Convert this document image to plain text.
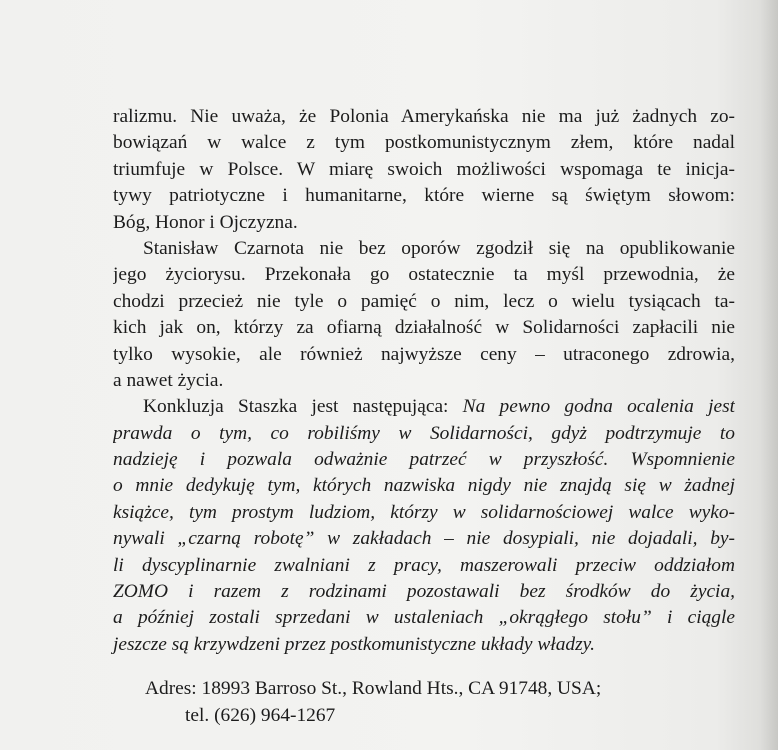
ralizmu. Nie uważa, że Polonia Amerykańska nie ma już żadnych zo-
bowiązań w walce z tym postkomunistycznym złem, które nadal
triumfuje w Polsce. W miarę swoich możliwości wspomaga te inicja-
tywy patriotyczne i humanitarne, które wierne są świętym słowom:
Bóg, Honor i Ojczyzna.
Stanisław Czarnota nie bez oporów zgodził się na opublikowanie
jego życiorysu. Przekonała go ostatecznie ta myśl przewodnia, że
chodzi przecież nie tyle o pamięć o nim, lecz o wielu tysiącach ta-
kich jak on, którzy za ofiarną działalność w Solidarności zapłacili nie
tylko wysokie, ale również najwyższe ceny – utraconego zdrowia,
a nawet życia.
Konkluzja Staszka jest następująca: Na pewno godna ocalenia jest
prawda o tym, co robiliśmy w Solidarności, gdyż podtrzymuje to
nadzieję i pozwala odważnie patrzeć w przyszłość. Wspomnienie
o mnie dedykuję tym, których nazwiska nigdy nie znajdą się w żadnej
książce, tym prostym ludziom, którzy w solidarnościowej walce wyko-
nywali „czarną robotę” w zakładach – nie dosypiali, nie dojadali, by-
li dyscyplinarnie zwalniani z pracy, maszerowali przeciw oddziałom
ZOMO i razem z rodzinami pozostawali bez środków do życia,
a później zostali sprzedani w ustaleniach „okrągłego stołu” i ciągle
jeszcze są krzywdzeni przez postkomunistyczne układy władzy.
Adres: 18993 Barroso St., Rowland Hts., CA 91748, USA;
tel. (626) 964-1267
